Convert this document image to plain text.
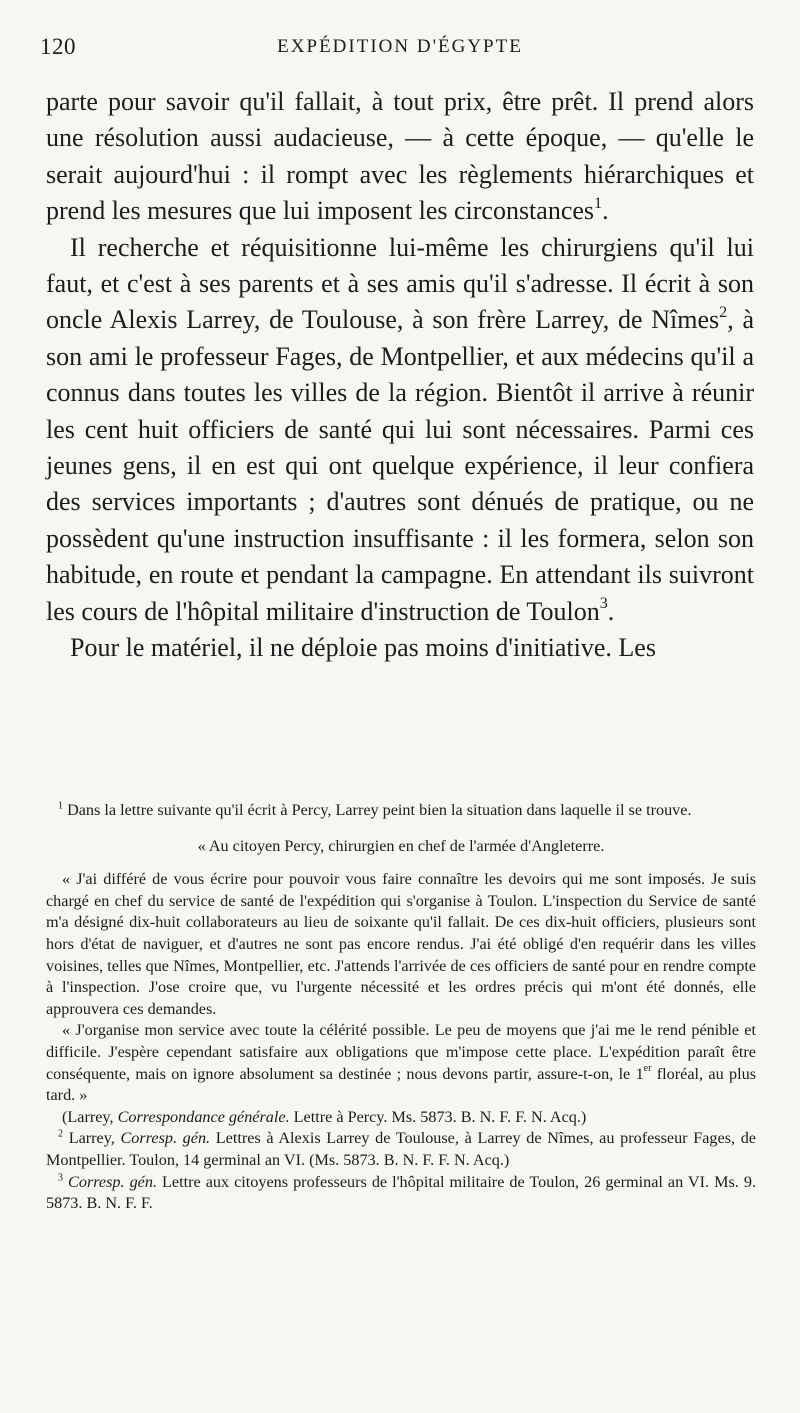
120	EXPÉDITION D'ÉGYPTE

parte pour savoir qu'il fallait, à tout prix, être prêt. Il prend alors une résolution aussi audacieuse, — à cette époque, — qu'elle le serait aujourd'hui : il rompt avec les règlements hiérarchiques et prend les mesures que lui imposent les circonstances$^1$.

Il recherche et réquisitionne lui-même les chirurgiens qu'il lui faut, et c'est à ses parents et à ses amis qu'il s'adresse. Il écrit à son oncle Alexis Larrey, de Toulouse, à son frère Larrey, de Nîmes$^2$, à son ami le professeur Fages, de Montpellier, et aux médecins qu'il a connus dans toutes les villes de la région. Bientôt il arrive à réunir les cent huit officiers de santé qui lui sont nécessaires. Parmi ces jeunes gens, il en est qui ont quelque expérience, il leur confiera des services importants ; d'autres sont dénués de pratique, ou ne possèdent qu'une instruction insuffisante : il les formera, selon son habitude, en route et pendant la campagne. En attendant ils suivront les cours de l'hôpital militaire d'instruction de Toulon$^3$.

Pour le matériel, il ne déploie pas moins d'initiative. Les

$^1$ Dans la lettre suivante qu'il écrit à Percy, Larrey peint bien la situation dans laquelle il se trouve.

« Au citoyen Percy, chirurgien en chef de l'armée d'Angleterre.

« J'ai différé de vous écrire pour pouvoir vous faire connaître les devoirs qui me sont imposés. Je suis chargé en chef du service de santé de l'expédition qui s'organise à Toulon. L'inspection du Service de santé m'a désigné dix-huit collaborateurs au lieu de soixante qu'il fallait. De ces dix-huit officiers, plusieurs sont hors d'état de naviguer, et d'autres ne sont pas encore rendus. J'ai été obligé d'en requérir dans les villes voisines, telles que Nîmes, Montpellier, etc. J'attends l'arrivée de ces officiers de santé pour en rendre compte à l'inspection. J'ose croire que, vu l'urgente nécessité et les ordres précis qui m'ont été donnés, elle approuvera ces demandes.

« J'organise mon service avec toute la célérité possible. Le peu de moyens que j'ai me le rend pénible et difficile. J'espère cependant satisfaire aux obligations que m'impose cette place. L'expédition paraît être conséquente, mais on ignore absolument sa destinée ; nous devons partir, assure-t-on, le 1er floréal, au plus tard. »

(Larrey, Correspondance générale. Lettre à Percy. Ms. 5873. B. N. F. F. N. Acq.)

$^2$ Larrey, Corresp. gén. Lettres à Alexis Larrey de Toulouse, à Larrey de Nîmes, au professeur Fages, de Montpellier. Toulon, 14 germinal an VI. (Ms. 5873. B. N. F. F. N. Acq.)

$^3$ Corresp. gén. Lettre aux citoyens professeurs de l'hôpital militaire de Toulon, 26 germinal an VI. Ms. 9. 5873. B. N. F. F.
